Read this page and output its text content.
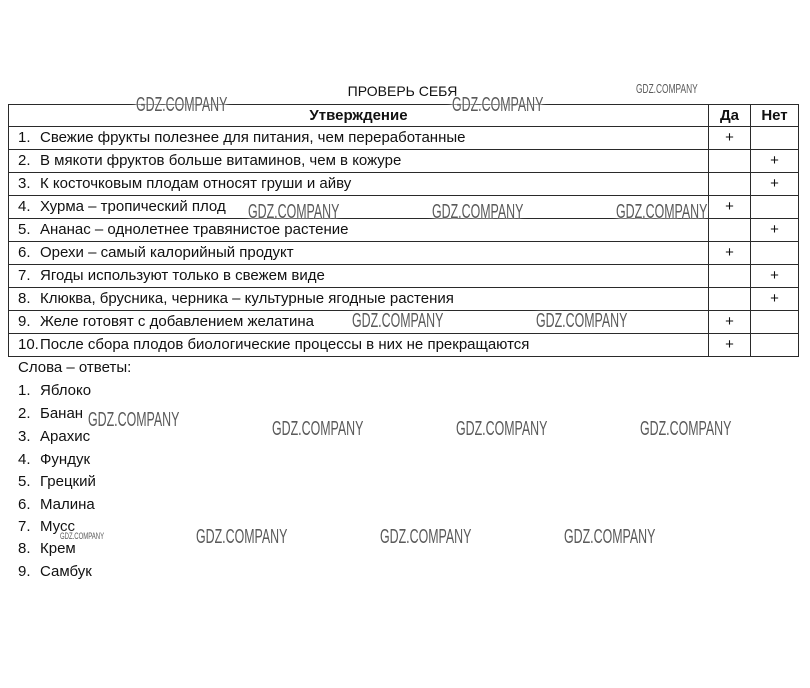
ПРОВЕРЬ СЕБЯ
Утверждение	Да	Нет
1. Свежие фрукты полезнее для питания, чем переработанные	+	
2. В мякоти фруктов больше витаминов, чем в кожуре		+
3. К косточковым плодам относят груши и айву		+
4. Хурма – тропический плод	+	
5. Ананас – однолетнее травянистое растение		+
6. Орехи – самый калорийный продукт	+	
7. Ягоды используют только в свежем виде		+
8. Клюква, брусника, черника – культурные ягодные растения		+
9. Желе готовят с добавлением желатина	+	
10.После сбора плодов биологические процессы в них не прекращаются	+	
Слова – ответы:
1. Яблоко
2. Банан
3. Арахис
4. Фундук
5. Грецкий
6. Малина
7. Мусс
8. Крем
9. Самбук
GDZ.COMPANY
GDZ.COMPANY	GDZ.COMPANY
GDZ.COMPANY	GDZ.COMPANY	GDZ.COMPANY
GDZ.COMPANY	GDZ.COMPANY
GDZ.COMPANY	GDZ.COMPANY	GDZ.COMPANY	GDZ.COMPANY
GDZ.COMPANY	GDZ.COMPANY	GDZ.COMPANY	GDZ.COMPANY
